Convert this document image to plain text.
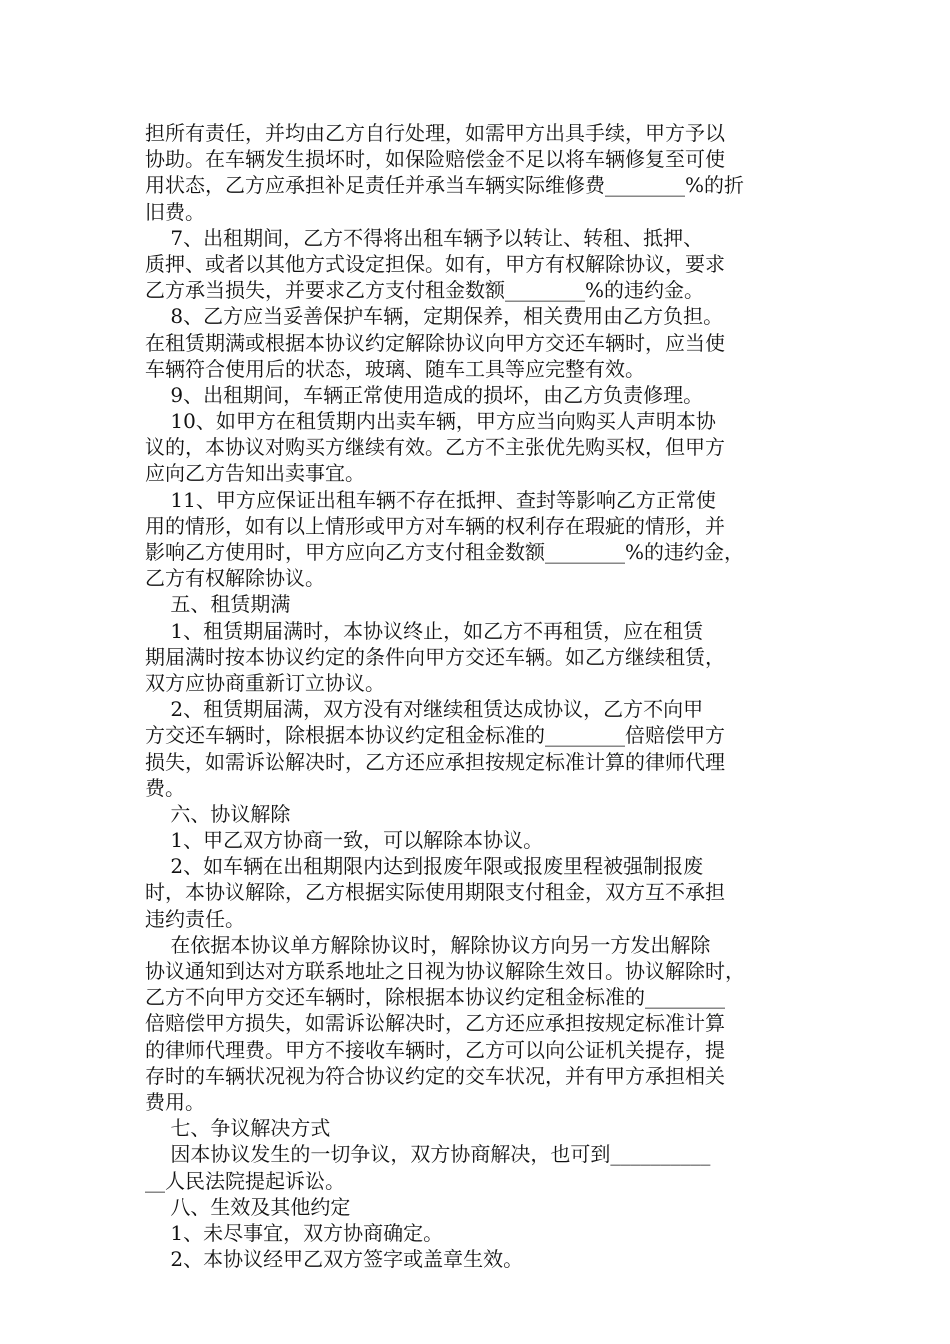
担所有责任，并均由乙方自行处理，如需甲方出具手续，甲方予以
协助。在车辆发生损坏时，如保险赔偿金不足以将车辆修复至可使
用状态，乙方应承担补足责任并承当车辆实际维修费________%的折
旧费。
7、出租期间，乙方不得将出租车辆予以转让、转租、抵押、
质押、或者以其他方式设定担保。如有，甲方有权解除协议，要求
乙方承当损失，并要求乙方支付租金数额________%的违约金。
8、乙方应当妥善保护车辆，定期保养，相关费用由乙方负担。
在租赁期满或根据本协议约定解除协议向甲方交还车辆时，应当使
车辆符合使用后的状态，玻璃、随车工具等应完整有效。
9、出租期间，车辆正常使用造成的损坏，由乙方负责修理。
10、如甲方在租赁期内出卖车辆，甲方应当向购买人声明本协
议的，本协议对购买方继续有效。乙方不主张优先购买权，但甲方
应向乙方告知出卖事宜。
11、甲方应保证出租车辆不存在抵押、查封等影响乙方正常使
用的情形，如有以上情形或甲方对车辆的权利存在瑕疵的情形，并
影响乙方使用时，甲方应向乙方支付租金数额________%的违约金，
乙方有权解除协议。
五、租赁期满
1、租赁期届满时，本协议终止，如乙方不再租赁，应在租赁
期届满时按本协议约定的条件向甲方交还车辆。如乙方继续租赁，
双方应协商重新订立协议。
2、租赁期届满，双方没有对继续租赁达成协议，乙方不向甲
方交还车辆时，除根据本协议约定租金标准的________倍赔偿甲方
损失，如需诉讼解决时，乙方还应承担按规定标准计算的律师代理
费。
六、协议解除
1、甲乙双方协商一致，可以解除本协议。
2、如车辆在出租期限内达到报废年限或报废里程被强制报废
时，本协议解除，乙方根据实际使用期限支付租金，双方互不承担
违约责任。
在依据本协议单方解除协议时，解除协议方向另一方发出解除
协议通知到达对方联系地址之日视为协议解除生效日。协议解除时，
乙方不向甲方交还车辆时，除根据本协议约定租金标准的________
倍赔偿甲方损失，如需诉讼解决时，乙方还应承担按规定标准计算
的律师代理费。甲方不接收车辆时，乙方可以向公证机关提存，提
存时的车辆状况视为符合协议约定的交车状况，并有甲方承担相关
费用。
七、争议解决方式
因本协议发生的一切争议，双方协商解决，也可到__________
__人民法院提起诉讼。
八、生效及其他约定
1、未尽事宜，双方协商确定。
2、本协议经甲乙双方签字或盖章生效。
